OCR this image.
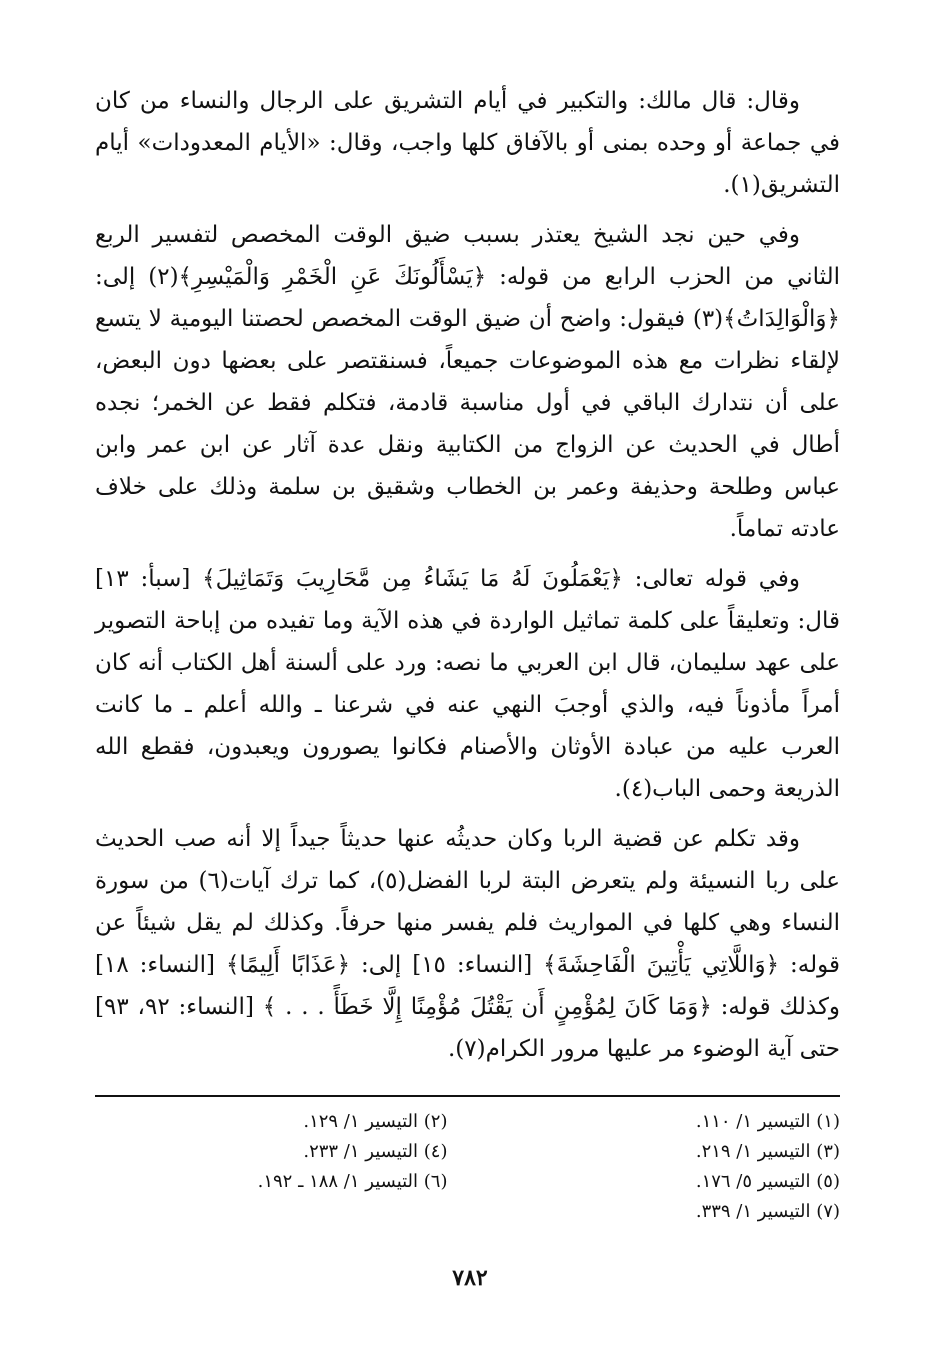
وقال: قال مالك: والتكبير في أيام التشريق على الرجال والنساء من كان في جماعة أو وحده بمنى أو بالآفاق كلها واجب، وقال: «الأيام المعدودات» أيام التشريق(١).

وفي حين نجد الشيخ يعتذر بسبب ضيق الوقت المخصص لتفسير الربع الثاني من الحزب الرابع من قوله: ﴿يَسْأَلُونَكَ عَنِ الْخَمْرِ وَالْمَيْسِرِ﴾(٢) إلى: ﴿وَالْوَالِدَاتُ﴾(٣) فيقول: واضح أن ضيق الوقت المخصص لحصتنا اليومية لا يتسع لإلقاء نظرات مع هذه الموضوعات جميعاً، فسنقتصر على بعضها دون البعض، على أن نتدارك الباقي في أول مناسبة قادمة، فتكلم فقط عن الخمر؛ نجده أطال في الحديث عن الزواج من الكتابية ونقل عدة آثار عن ابن عمر وابن عباس وطلحة وحذيفة وعمر بن الخطاب وشقيق بن سلمة وذلك على خلاف عادته تماماً.

وفي قوله تعالى: ﴿يَعْمَلُونَ لَهُ مَا يَشَاءُ مِن مَّحَارِيبَ وَتَمَاثِيلَ﴾ [سبأ: ١٣] قال: وتعليقاً على كلمة تماثيل الواردة في هذه الآية وما تفيده من إباحة التصوير على عهد سليمان، قال ابن العربي ما نصه: ورد على ألسنة أهل الكتاب أنه كان أمراً مأذوناً فيه، والذي أوجبَ النهي عنه في شرعنا ـ والله أعلم ـ ما كانت العرب عليه من عبادة الأوثان والأصنام فكانوا يصورون ويعبدون، فقطع الله الذريعة وحمى الباب(٤).

وقد تكلم عن قضية الربا وكان حديثُه عنها حديثاً جيداً إلا أنه صب الحديث على ربا النسيئة ولم يتعرض البتة لربا الفضل(٥)، كما ترك آيات(٦) من سورة النساء وهي كلها في المواريث فلم يفسر منها حرفاً. وكذلك لم يقل شيئاً عن قوله: ﴿وَاللَّاتِي يَأْتِينَ الْفَاحِشَةَ﴾ [النساء: ١٥] إلى: ﴿عَذَابًا أَلِيمًا﴾ [النساء: ١٨] وكذلك قوله: ﴿وَمَا كَانَ لِمُؤْمِنٍ أَن يَقْتُلَ مُؤْمِنًا إِلَّا خَطَأً . . . ﴾ [النساء: ٩٢، ٩٣] حتى آية الوضوء مر عليها مرور الكرام(٧).

(١) التيسير ١/ ١١٠.
(٢) التيسير ١/ ١٢٩.
(٣) التيسير ١/ ٢١٩.
(٤) التيسير ١/ ٢٣٣.
(٥) التيسير ٥/ ١٧٦.
(٦) التيسير ١/ ١٨٨ ـ ١٩٢.
(٧) التيسير ١/ ٣٣٩.
٧٨٢
